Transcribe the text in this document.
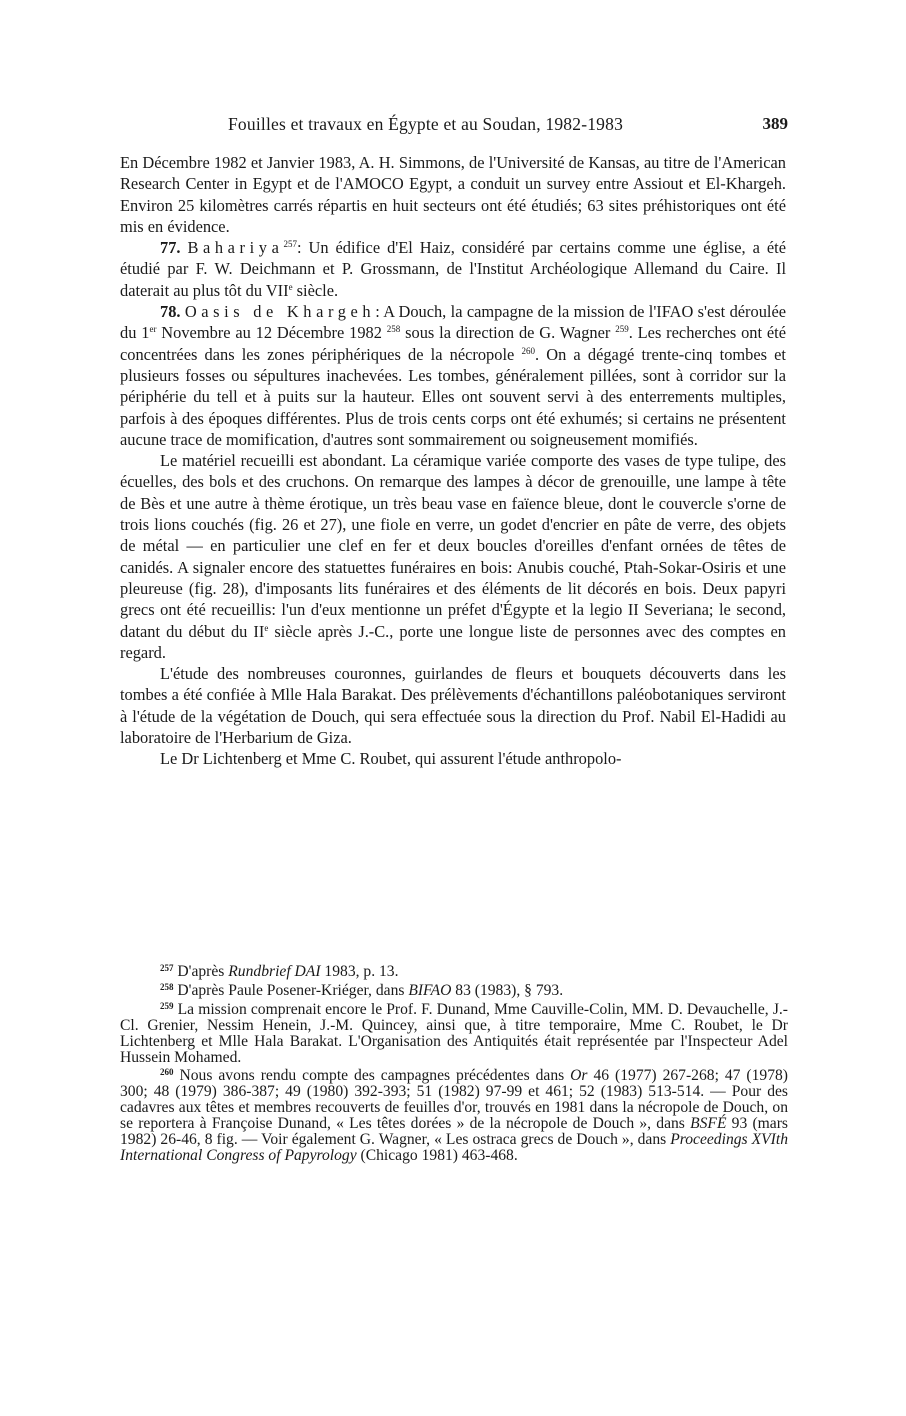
Fouilles et travaux en Égypte et au Soudan, 1982-1983	389

En Décembre 1982 et Janvier 1983, A. H. Simmons, de l'Université de Kansas, au titre de l'American Research Center in Egypt et de l'AMOCO Egypt, a conduit un survey entre Assiout et El-Khargeh. Environ 25 kilomètres carrés répartis en huit secteurs ont été étudiés; 63 sites préhistoriques ont été mis en évidence.

77. Bahariya$^{257}$: Un édifice d'El Haiz, considéré par certains comme une église, a été étudié par F. W. Deichmann et P. Grossmann, de l'Institut Archéologique Allemand du Caire. Il daterait au plus tôt du VIIe siècle.

78. Oasis de Khargeh: A Douch, la campagne de la mission de l'IFAO s'est déroulée du 1er Novembre au 12 Décembre 1982 $^{258}$ sous la direction de G. Wagner $^{259}$. Les recherches ont été concentrées dans les zones périphériques de la nécropole $^{260}$. On a dégagé trente-cinq tombes et plusieurs fosses ou sépultures inachevées. Les tombes, généralement pillées, sont à corridor sur la périphérie du tell et à puits sur la hauteur. Elles ont souvent servi à des enterrements multiples, parfois à des époques différentes. Plus de trois cents corps ont été exhumés; si certains ne présentent aucune trace de momification, d'autres sont sommairement ou soigneusement momifiés.

Le matériel recueilli est abondant. La céramique variée comporte des vases de type tulipe, des écuelles, des bols et des cruchons. On remarque des lampes à décor de grenouille, une lampe à tête de Bès et une autre à thème érotique, un très beau vase en faïence bleue, dont le couvercle s'orne de trois lions couchés (fig. 26 et 27), une fiole en verre, un godet d'encrier en pâte de verre, des objets de métal — en particulier une clef en fer et deux boucles d'oreilles d'enfant ornées de têtes de canidés. A signaler encore des statuettes funéraires en bois: Anubis couché, Ptah-Sokar-Osiris et une pleureuse (fig. 28), d'imposants lits funéraires et des éléments de lit décorés en bois. Deux papyri grecs ont été recueillis: l'un d'eux mentionne un préfet d'Égypte et la legio II Severiana; le second, datant du début du IIe siècle après J.-C., porte une longue liste de personnes avec des comptes en regard.

L'étude des nombreuses couronnes, guirlandes de fleurs et bouquets découverts dans les tombes a été confiée à Mlle Hala Barakat. Des prélèvements d'échantillons paléobotaniques serviront à l'étude de la végétation de Douch, qui sera effectuée sous la direction du Prof. Nabil El-Hadidi au laboratoire de l'Herbarium de Giza.

Le Dr Lichtenberg et Mme C. Roubet, qui assurent l'étude anthropolo-

$^{257}$ D'après Rundbrief DAI 1983, p. 13.

$^{258}$ D'après Paule Posener-Kriéger, dans BIFAO 83 (1983), § 793.

$^{259}$ La mission comprenait encore le Prof. F. Dunand, Mme Cauville-Colin, MM. D. Devauchelle, J.-Cl. Grenier, Nessim Henein, J.-M. Quincey, ainsi que, à titre temporaire, Mme C. Roubet, le Dr Lichtenberg et Mlle Hala Barakat. L'Organisation des Antiquités était représentée par l'Inspecteur Adel Hussein Mohamed.

$^{260}$ Nous avons rendu compte des campagnes précédentes dans Or 46 (1977) 267-268; 47 (1978) 300; 48 (1979) 386-387; 49 (1980) 392-393; 51 (1982) 97-99 et 461; 52 (1983) 513-514. — Pour des cadavres aux têtes et membres recouverts de feuilles d'or, trouvés en 1981 dans la nécropole de Douch, on se reportera à Françoise Dunand, « Les têtes dorées » de la nécropole de Douch », dans BSFÉ 93 (mars 1982) 26-46, 8 fig. — Voir également G. Wagner, « Les ostraca grecs de Douch », dans Proceedings XVIth International Congress of Papyrology (Chicago 1981) 463-468.
